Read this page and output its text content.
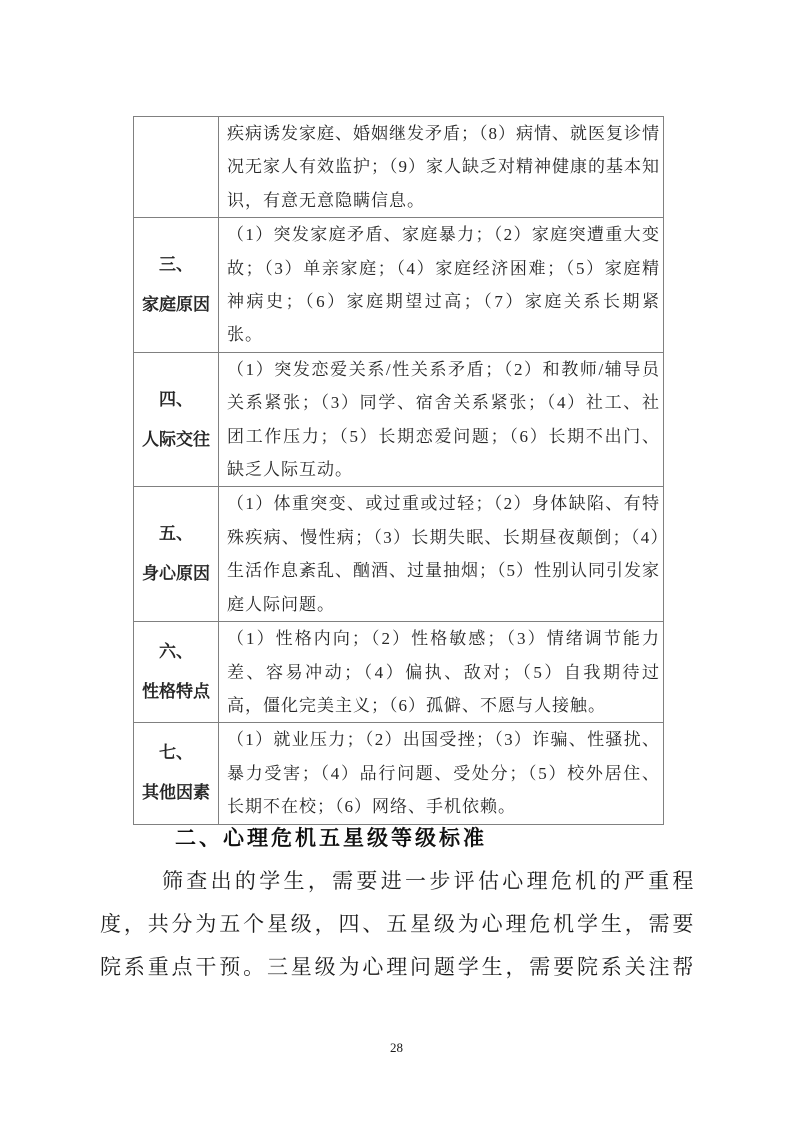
	疾病诱发家庭、婚姻继发矛盾；（8）病情、就医复诊情况无家人有效监护；（9）家人缺乏对精神健康的基本知识，有意无意隐瞒信息。

三、
家庭原因	（1）突发家庭矛盾、家庭暴力；（2）家庭突遭重大变故；（3）单亲家庭；（4）家庭经济困难；（5）家庭精神病史；（6）家庭期望过高；（7）家庭关系长期紧张。

四、
人际交往	（1）突发恋爱关系/性关系矛盾；（2）和教师/辅导员关系紧张；（3）同学、宿舍关系紧张；（4）社工、社团工作压力；（5）长期恋爱问题；（6）长期不出门、缺乏人际互动。

五、
身心原因	（1）体重突变、或过重或过轻；（2）身体缺陷、有特殊疾病、慢性病；（3）长期失眠、长期昼夜颠倒；（4）生活作息紊乱、酗酒、过量抽烟；（5）性别认同引发家庭人际问题。

六、
性格特点	（1）性格内向；（2）性格敏感；（3）情绪调节能力差、容易冲动；（4）偏执、敌对；（5）自我期待过高，僵化完美主义；（6）孤僻、不愿与人接触。

七、
其他因素	（1）就业压力；（2）出国受挫；（3）诈骗、性骚扰、暴力受害；（4）品行问题、受处分；（5）校外居住、长期不在校；（6）网络、手机依赖。
二、心理危机五星级等级标准

筛查出的学生，需要进一步评估心理危机的严重程度，共分为五个星级，四、五星级为心理危机学生，需要院系重点干预。三星级为心理问题学生，需要院系关注帮

28
